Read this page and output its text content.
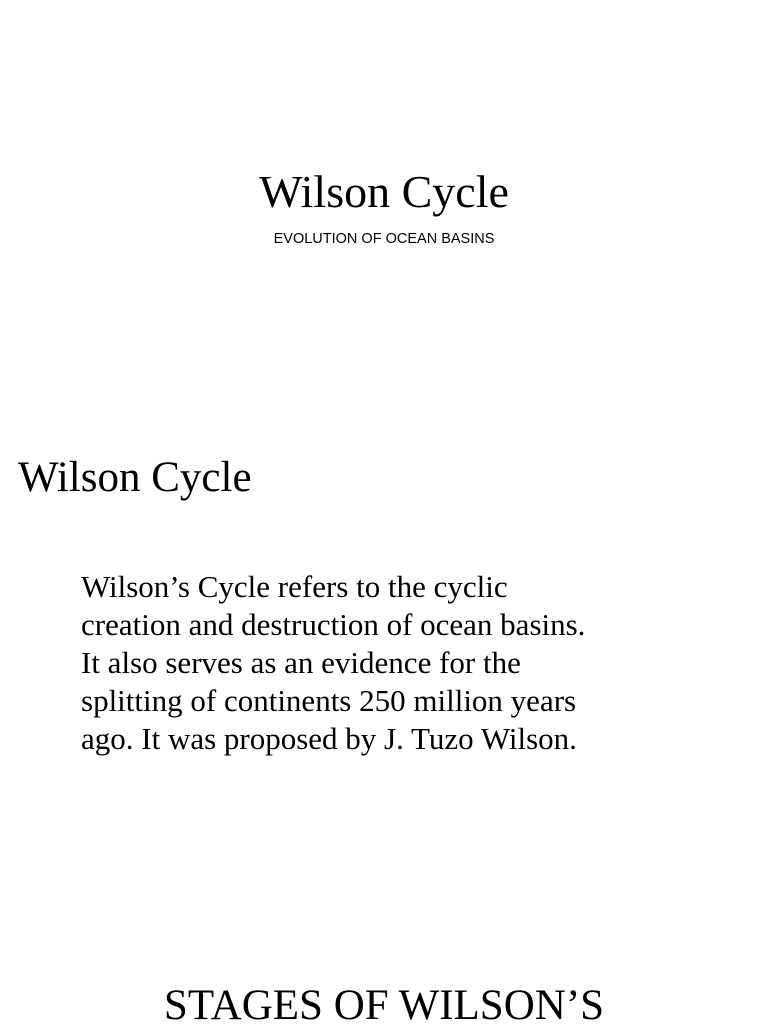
Wilson Cycle

EVOLUTION OF OCEAN BASINS

Wilson Cycle
Wilson’s Cycle refers to the cyclic
creation and destruction of ocean basins.
It also serves as an evidence for the
splitting of continents 250 million years
ago. It was proposed by J. Tuzo Wilson.
STAGES OF WILSON’S
